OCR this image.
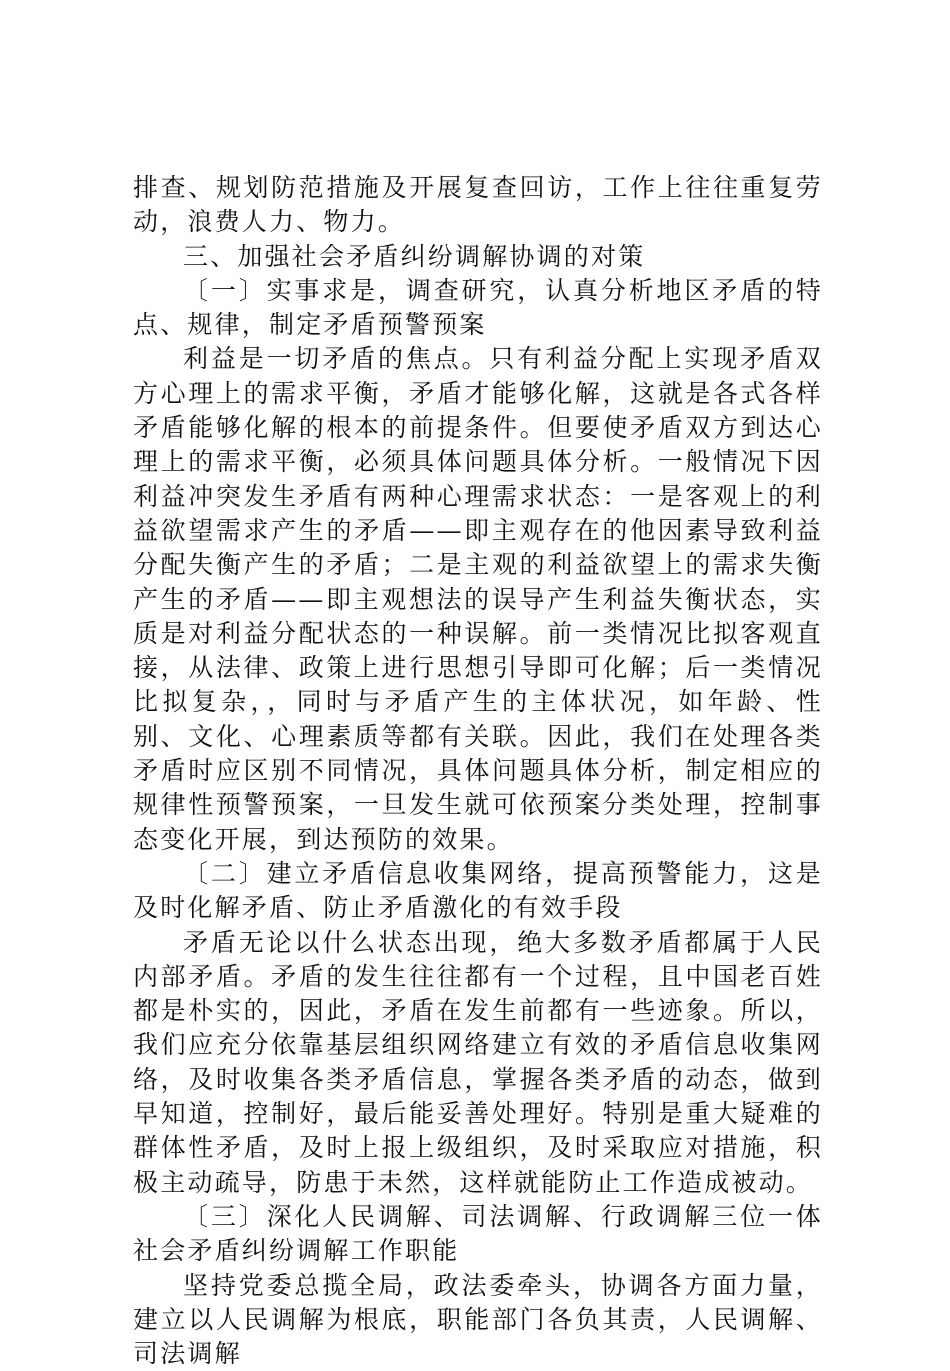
排查、规划防范措施及开展复查回访，工作上往往重复劳动，浪费人力、物力。

三、加强社会矛盾纠纷调解协调的对策

〔一〕实事求是，调查研究，认真分析地区矛盾的特点、规律，制定矛盾预警预案

利益是一切矛盾的焦点。只有利益分配上实现矛盾双方心理上的需求平衡，矛盾才能够化解，这就是各式各样矛盾能够化解的根本的前提条件。但要使矛盾双方到达心理上的需求平衡，必须具体问题具体分析。一般情况下因利益冲突发生矛盾有两种心理需求状态：一是客观上的利益欲望需求产生的矛盾——即主观存在的他因素导致利益分配失衡产生的矛盾；二是主观的利益欲望上的需求失衡产生的矛盾——即主观想法的误导产生利益失衡状态，实质是对利益分配状态的一种误解。前一类情况比拟客观直接，从法律、政策上进行思想引导即可化解；后一类情况比拟复杂，，同时与矛盾产生的主体状况，如年龄、性别、文化、心理素质等都有关联。因此，我们在处理各类矛盾时应区别不同情况，具体问题具体分析，制定相应的规律性预警预案，一旦发生就可依预案分类处理，控制事态变化开展，到达预防的效果。

〔二〕建立矛盾信息收集网络，提高预警能力，这是及时化解矛盾、防止矛盾激化的有效手段

矛盾无论以什么状态出现，绝大多数矛盾都属于人民内部矛盾。矛盾的发生往往都有一个过程，且中国老百姓都是朴实的，因此，矛盾在发生前都有一些迹象。所以，我们应充分依靠基层组织网络建立有效的矛盾信息收集网络，及时收集各类矛盾信息，掌握各类矛盾的动态，做到早知道，控制好，最后能妥善处理好。特别是重大疑难的群体性矛盾，及时上报上级组织，及时采取应对措施，积极主动疏导，防患于未然，这样就能防止工作造成被动。

〔三〕深化人民调解、司法调解、行政调解三位一体社会矛盾纠纷调解工作职能

坚持党委总揽全局，政法委牵头，协调各方面力量，建立以人民调解为根底，职能部门各负其责，人民调解、司法调解
